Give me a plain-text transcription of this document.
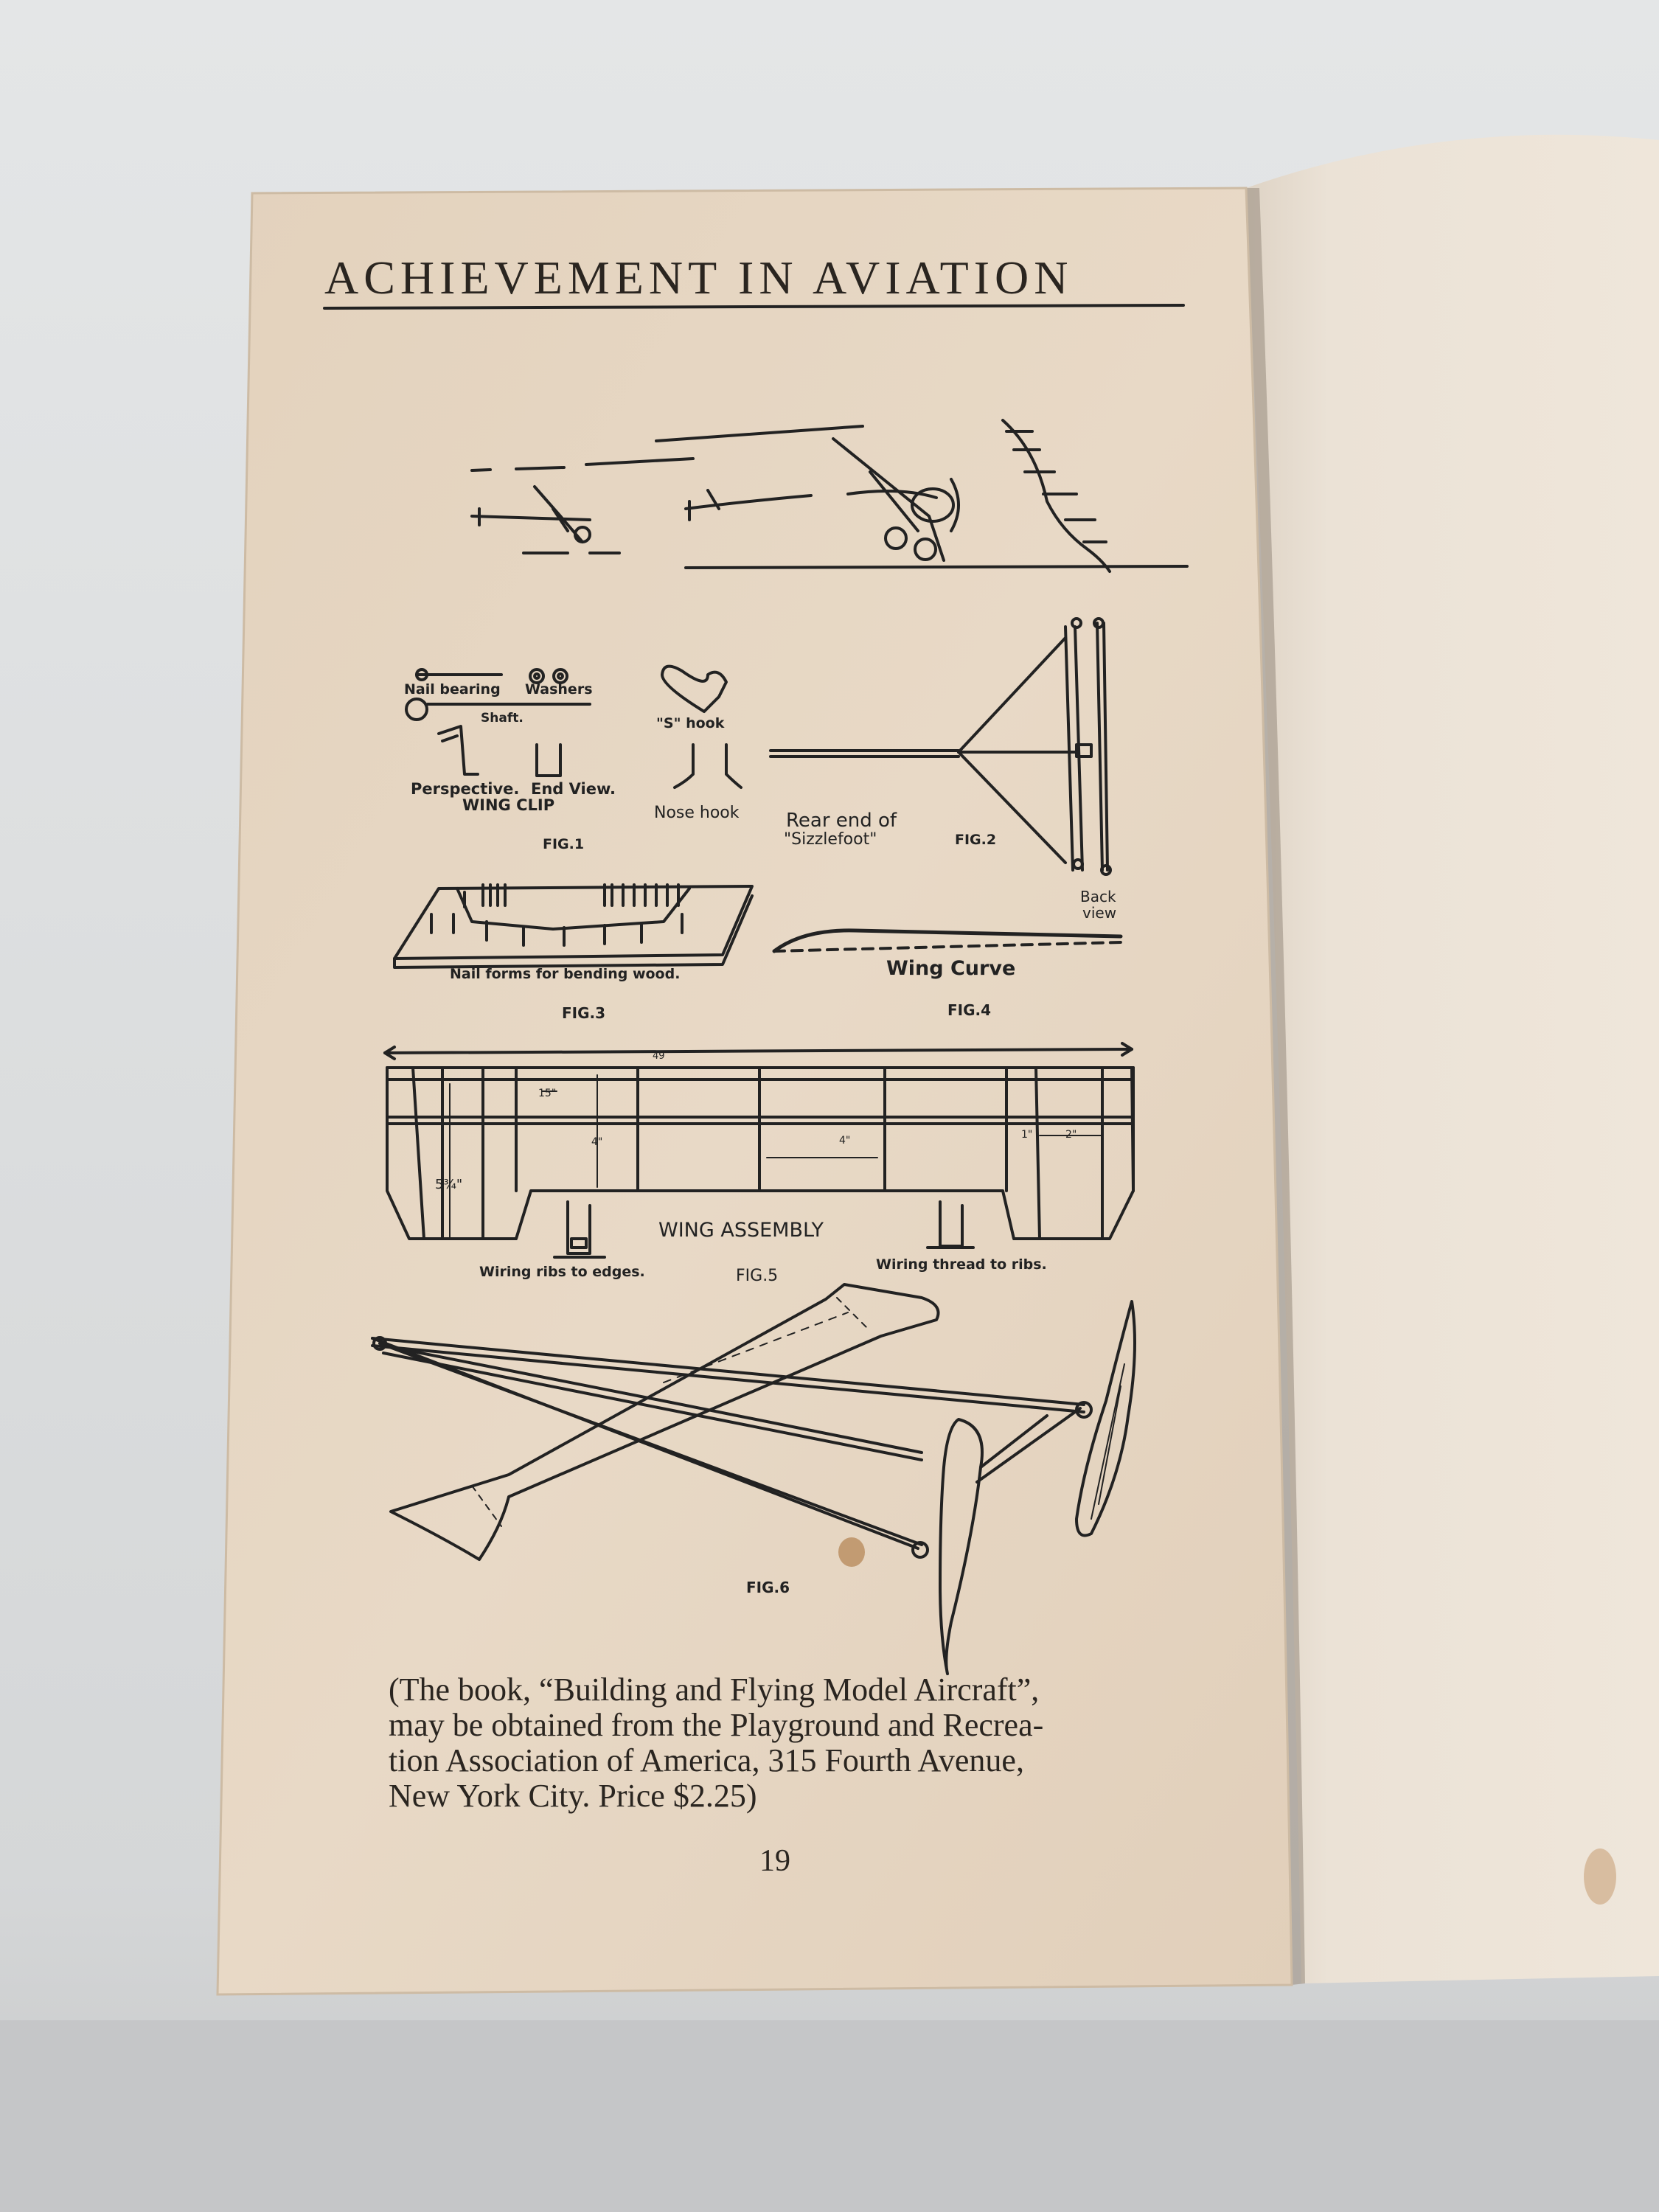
ACHIEVEMENT IN AVIATION
Nail bearing Washers
Shaft.
Perspective. End View.
WING CLIP
FIG.1
"S" hook
Nose hook Rear end of
"Sizzlefoot"	FIG.2
Back
view
Nail forms for bending wood.
FIG.3
Wing Curve
FIG.4
49
15"
4"	4"	1"	2"
5¾"
WING ASSEMBLY
Wiring ribs to edges.	Wiring thread to ribs.
FIG.5
FIG.6
(The book, “Building and Flying Model Aircraft”,
may be obtained from the Playground and Recrea-
tion Association of America, 315 Fourth Avenue,
New York City. Price $2.25)
19
